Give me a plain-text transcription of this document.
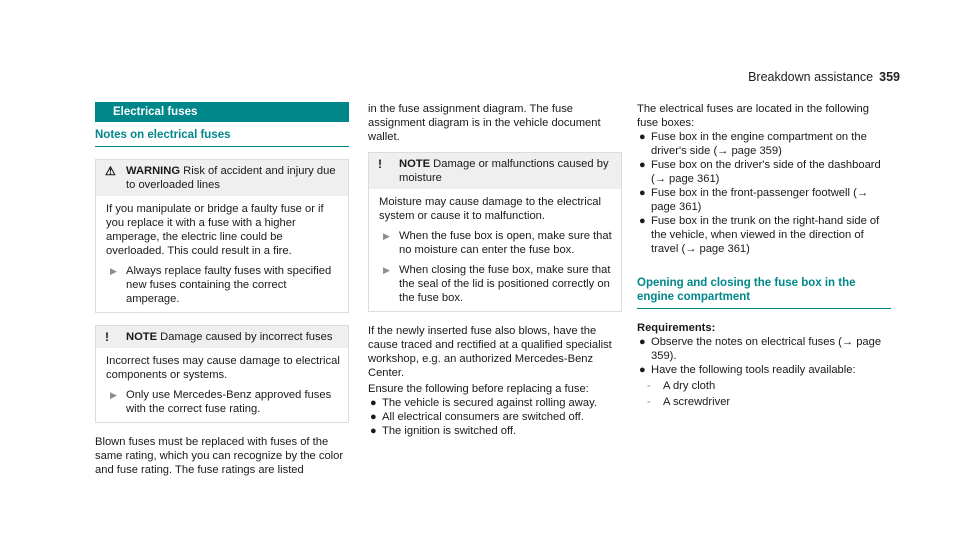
Breakdown assistance 359
Electrical fuses
Notes on electrical fuses
⚠ WARNING Risk of accident and injury due to overloaded lines

If you manipulate or bridge a faulty fuse or if you replace it with a fuse with a higher amperage, the electric line could be overloaded. This could result in a fire.

▶ Always replace faulty fuses with specified new fuses containing the correct amperage.
! NOTE Damage caused by incorrect fuses

Incorrect fuses may cause damage to electrical components or systems.

▶ Only use Mercedes-Benz approved fuses with the correct fuse rating.

Blown fuses must be replaced with fuses of the same rating, which you can recognize by the color and fuse rating. The fuse ratings are listed

in the fuse assignment diagram. The fuse assignment diagram is in the vehicle document wallet.

! NOTE Damage or malfunctions caused by moisture

Moisture may cause damage to the electrical system or cause it to malfunction.

▶ When the fuse box is open, make sure that no moisture can enter the fuse box.
▶ When closing the fuse box, make sure that the seal of the lid is positioned correctly on the fuse box.

If the newly inserted fuse also blows, have the cause traced and rectified at a qualified specialist workshop, e.g. an authorized Mercedes-Benz Center.

Ensure the following before replacing a fuse:

● The vehicle is secured against rolling away.
● All electrical consumers are switched off.
● The ignition is switched off.

The electrical fuses are located in the following fuse boxes:

● Fuse box in the engine compartment on the driver's side (→ page 359)
● Fuse box on the driver's side of the dashboard (→ page 361)
● Fuse box in the front-passenger footwell (→ page 361)
● Fuse box in the trunk on the right-hand side of the vehicle, when viewed in the direction of travel (→ page 361)
Opening and closing the fuse box in the engine compartment

Requirements:

● Observe the notes on electrical fuses (→ page 359).
● Have the following tools readily available:
- A dry cloth
- A screwdriver
